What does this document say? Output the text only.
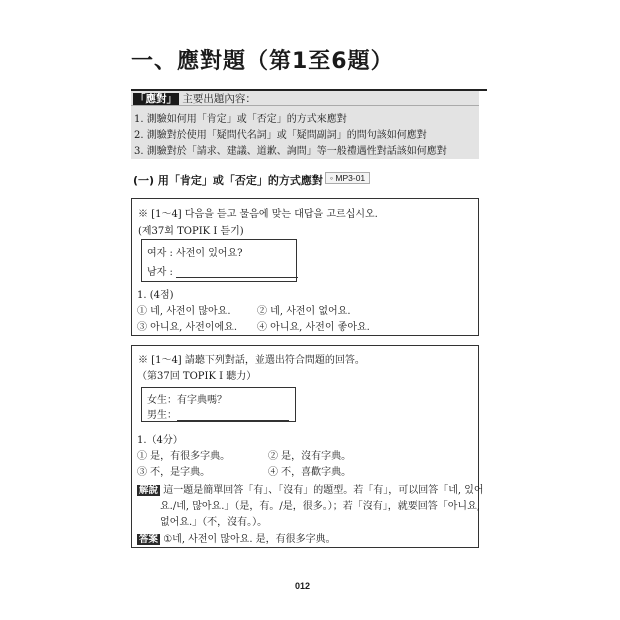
一、應對題（第1至6題）
「應對」 主要出題內容：
1. 測驗如何用「肯定」或「否定」的方式來應對
2. 測驗對於使用「疑問代名詞」或「疑問副詞」的問句該如何應對
3. 測驗對於「請求、建議、道歉、詢問」等一般禮遇性對話該如何應對
(一) 用「肯定」或「否定」的方式應對 ◦ MP3-01
※ [1～4] 다음을 듣고 물음에 맞는 대답을 고르십시오.
(제37회 TOPIK Ⅰ 듣기)
여자 : 사전이 있어요?
남자 :
1. (4점)
① 네, 사전이 많아요.	② 네, 사전이 없어요.
③ 아니요, 사전이에요. ④ 아니요, 사전이 좋아요.
※ [1～4] 請聽下列對話，並選出符合問題的回答。
（第37回 TOPIK Ⅰ 聽力）
女生：有字典嗎？
男生：
1.（4分）
① 是，有很多字典。	② 是，沒有字典。
③ 不，是字典。	④ 不，喜歡字典。
解說 這一題是簡單回答「有」、「沒有」的題型。若「有」，可以回答「네, 있어
요./네, 많아요.」（是，有。/是，很多。）；若「沒有」，就要回答「아니요,
없어요.」（不，沒有。）。
答案 ①네, 사전이 많아요. 是，有很多字典。
012
